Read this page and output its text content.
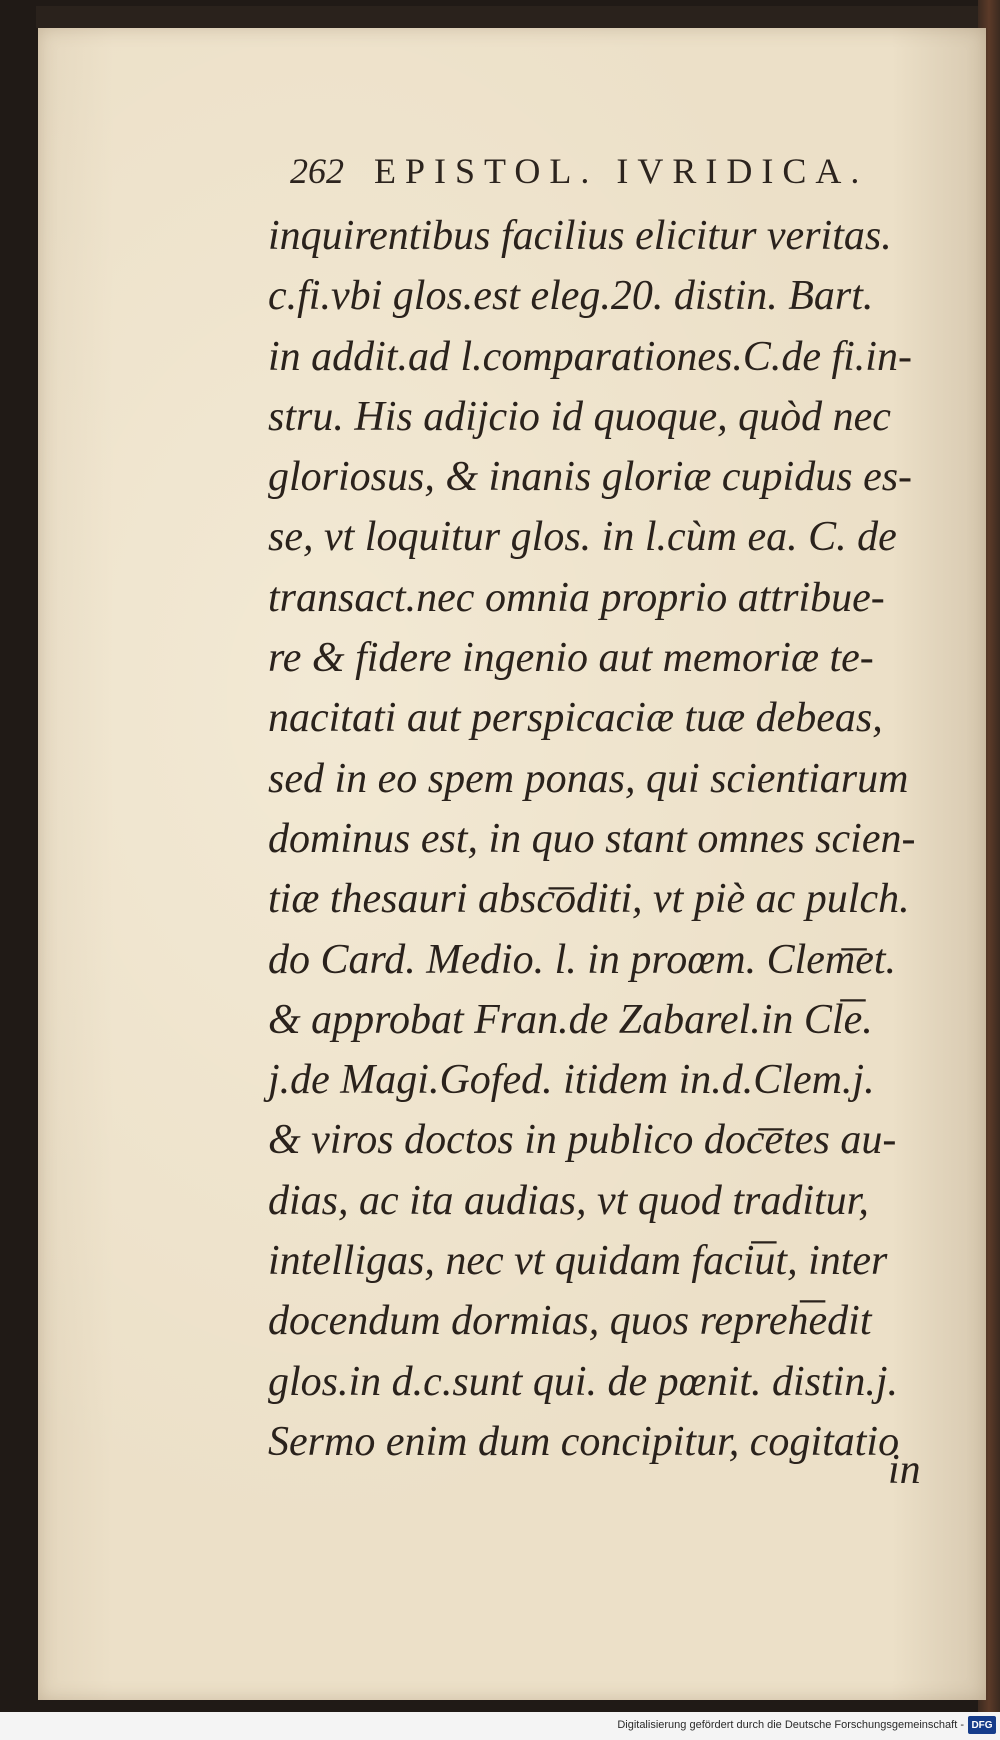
262 EPISTOL. IVRIDICA.
inquirentibus facilius elicitur veritas.
c.fi.vbi glos.est eleg.20. distin. Bart.
in addit.ad l.comparationes.C.de fi.in-
stru. His adijcio id quoque, quòd nec
gloriosus, & inanis gloriæ cupidus es-
se, vt loquitur glos. in l.cùm ea. C. de
transact.nec omnia proprio attribue-
re & fidere ingenio aut memoriæ te-
nacitati aut perspicaciæ tuæ debeas,
sed in eo spem ponas, qui scientiarum
dominus est, in quo stant omnes scien-
tiæ thesauri absc͞oditi, vt piè ac pulch.
do Card. Medio. l. in proœm. Clem͞et.
& approbat Fran.de Zabarel.in Cl͞e.
j.de Magi.Gofed. itidem in.d.Clem.j.
& viros doctos in publico doc͞etes au-
dias, ac ita audias, vt quod traditur,
intelligas, nec vt quidam faci͞ut, inter
docendum dormias, quos repreh͞edit
glos.in d.c.sunt qui. de pœnit. distin.j.
Sermo enim dum concipitur, cogitatio
in
Digitalisierung gefördert durch die Deutsche Forschungsgemeinschaft - DFG
